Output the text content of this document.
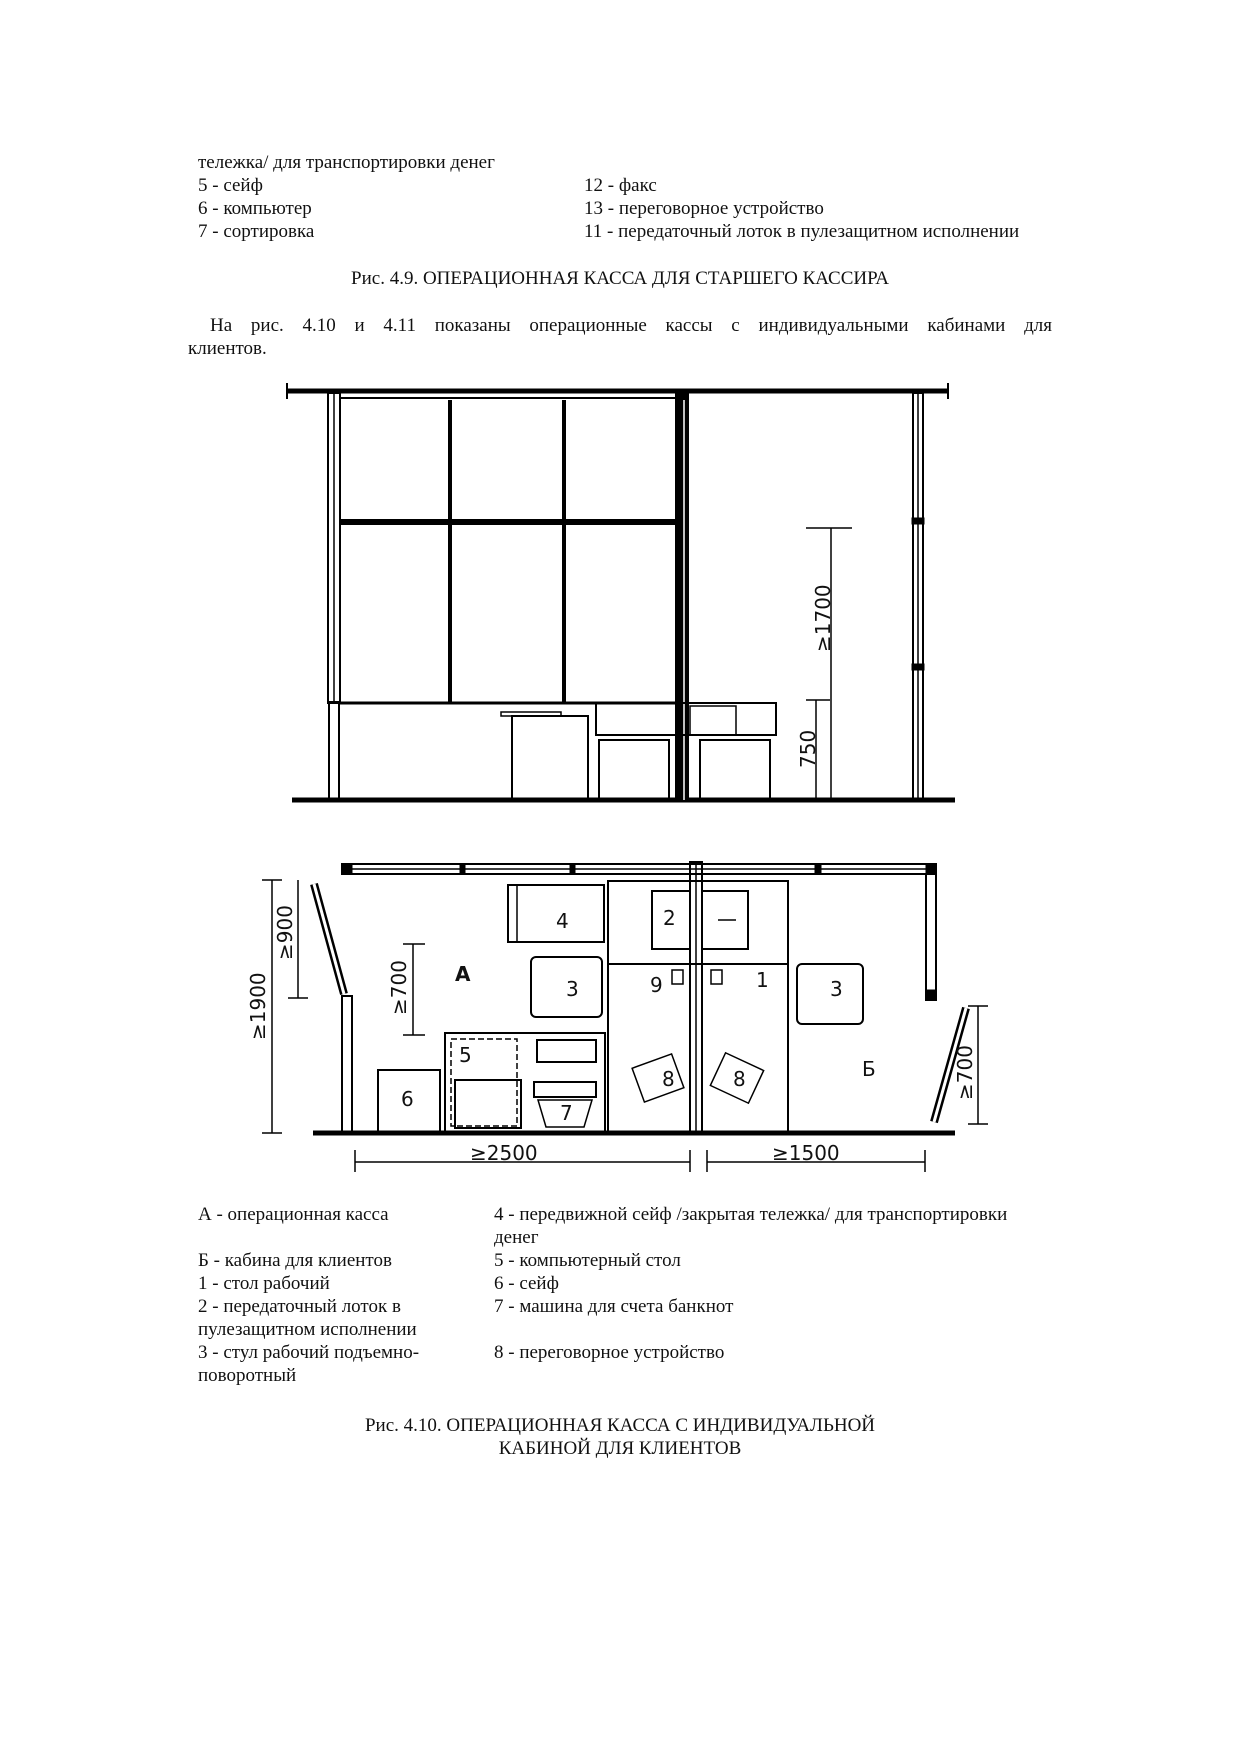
тележка/ для транспортировки денег
5 - сейф
6 - компьютер
7 - сортировка
12 - факс
13 - переговорное устройство
11 - передаточный лоток в пулезащитном исполнении
Рис. 4.9. ОПЕРАЦИОННАЯ КАССА ДЛЯ СТАРШЕГО КАССИРА
На рис. 4.10 и 4.11 показаны операционные кассы с индивидуальными кабинами для
клиентов.
≥1700
750
А
Б
1
2
3	3
4
5
6
7
8	8
9
≥1900
≥900
≥700
≥700
≥2500	≥1500
А - операционная касса
Б - кабина для клиентов
1 - стол рабочий
2 - передаточный лоток в
пулезащитном исполнении
3 - стул рабочий подъемно-
поворотный
4 - передвижной сейф /закрытая тележка/ для транспортировки
денег
5 - компьютерный стол
6 - сейф
7 - машина для счета банкнот
8 - переговорное устройство
Рис. 4.10. ОПЕРАЦИОННАЯ КАССА С ИНДИВИДУАЛЬНОЙ
КАБИНОЙ ДЛЯ КЛИЕНТОВ
